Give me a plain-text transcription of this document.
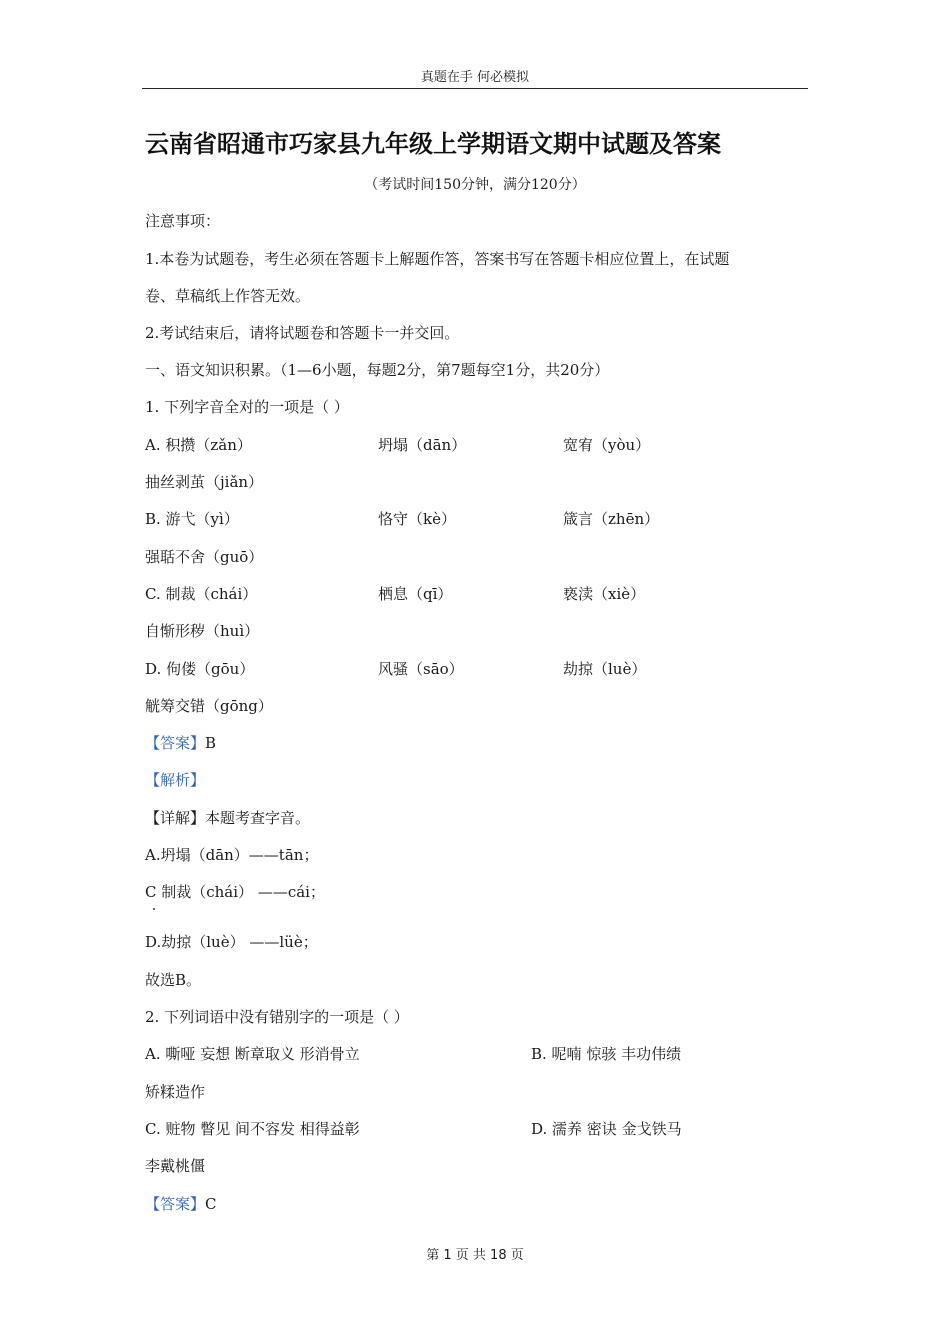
真题在手 何必模拟
云南省昭通市巧家县九年级上学期语文期中试题及答案
（考试时间150分钟，满分120分）
注意事项：
1.本卷为试题卷，考生必须在答题卡上解题作答，答案书写在答题卡相应位置上，在试题
卷、草稿纸上作答无效。
2.考试结束后，请将试题卷和答题卡一并交回。
一、语文知识积累。（1—6小题，每题2分，第7题每空1分，共20分）
1. 下列字音全对的一项是（ ）
A. 积攒（zǎn）	坍塌（dān）	宽宥（yòu）
抽丝剥茧（jiǎn）
B. 游弋（yì）	恪守（kè）	箴言（zhēn）
强聒不舍（guō）
C. 制裁（chái）	栖息（qī）	亵渎（xiè）
自惭形秽（huì）
D. 佝偻（gōu）	风骚（sāo）	劫掠（luè）
觥筹交错（gōng）
【答案】B
【解析】
【详解】本题考查字音。
A.坍塌（dān）——tān；
C 制裁（chái） ——cái；
D.劫掠（luè） ——lüè；
故选B。
2. 下列词语中没有错别字的一项是（ ）
A. 嘶哑 妄想 断章取义 形消骨立	B. 呢喃 惊骇 丰功伟绩
矫糅造作
C. 赃物 瞥见 间不容发 相得益彰	D. 濡养 密诀 金戈铁马
李戴桃僵
【答案】C
第 1 页 共 18 页
